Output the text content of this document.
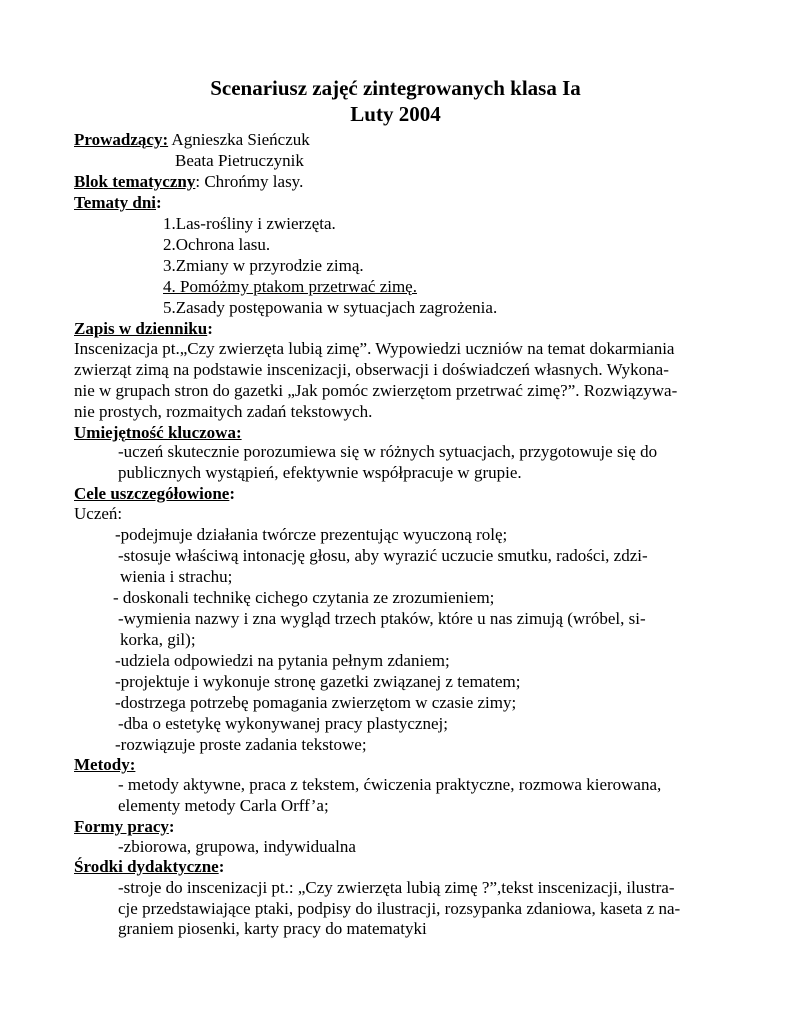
Scenariusz zajęć zintegrowanych klasa Ia
Luty 2004
Prowadzący: Agnieszka Sieńczuk
Beata Pietruczynik
Blok tematyczny: Chrońmy lasy.
Tematy dni:
1.Las-rośliny i zwierzęta.
2.Ochrona lasu.
3.Zmiany w przyrodzie zimą.
4. Pomóżmy ptakom przetrwać zimę.
5.Zasady postępowania w sytuacjach zagrożenia.
Zapis w dzienniku:
Inscenizacja pt.„Czy zwierzęta lubią zimę”. Wypowiedzi uczniów na temat dokarmiania
zwierząt zimą na podstawie inscenizacji, obserwacji i doświadczeń własnych. Wykona-
nie w grupach stron do gazetki „Jak pomóc zwierzętom przetrwać zimę?”. Rozwiązywa-
nie prostych, rozmaitych zadań tekstowych.
Umiejętność kluczowa:
-uczeń skutecznie porozumiewa się w różnych sytuacjach, przygotowuje się do
publicznych wystąpień, efektywnie współpracuje w grupie.
Cele uszczegółowione:
Uczeń:
-podejmuje działania twórcze prezentując wyuczoną rolę;
-stosuje właściwą intonację głosu, aby wyrazić uczucie smutku, radości, zdzi-
wienia i strachu;
- doskonali technikę cichego czytania ze zrozumieniem;
-wymienia nazwy i zna wygląd trzech ptaków, które u nas zimują (wróbel, si-
korka, gil);
-udziela odpowiedzi na pytania pełnym zdaniem;
-projektuje i wykonuje stronę gazetki związanej z tematem;
-dostrzega potrzebę pomagania zwierzętom w czasie zimy;
-dba o estetykę wykonywanej pracy plastycznej;
-rozwiązuje proste zadania tekstowe;
Metody:
- metody aktywne, praca z tekstem, ćwiczenia praktyczne, rozmowa kierowana,
elementy metody Carla Orff’a;
Formy pracy:
-zbiorowa, grupowa, indywidualna
Środki dydaktyczne:
-stroje do inscenizacji pt.: „Czy zwierzęta lubią zimę ?”,tekst inscenizacji, ilustra-
cje przedstawiające ptaki, podpisy do ilustracji, rozsypanka zdaniowa, kaseta z na-
graniem piosenki, karty pracy do matematyki
